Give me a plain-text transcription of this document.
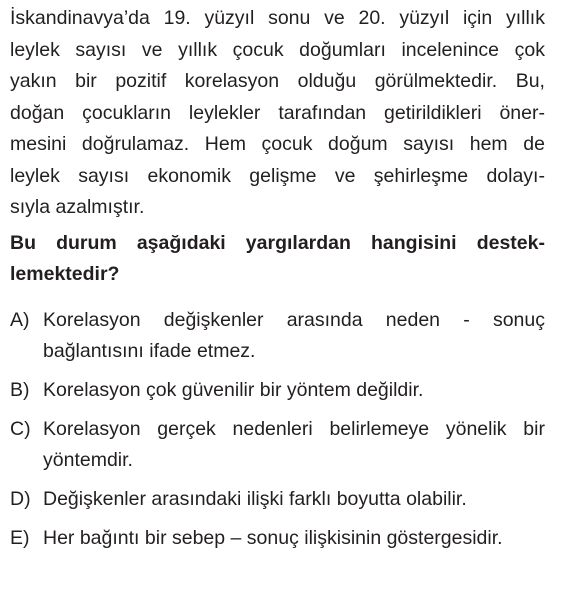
İskandinavya’da 19. yüzyıl sonu ve 20. yüzyıl için yıllık
leylek sayısı ve yıllık çocuk doğumları incelenince çok
yakın bir pozitif korelasyon olduğu görülmektedir. Bu,
doğan çocukların leylekler tarafından getirildikleri öner-
mesini doğrulamaz. Hem çocuk doğum sayısı hem de
leylek sayısı ekonomik gelişme ve şehirleşme dolayı-
sıyla azalmıştır.
Bu durum aşağıdaki yargılardan hangisini destek-
lemektedir?
A) Korelasyon değişkenler arasında neden - sonuç
bağlantısını ifade etmez.
B) Korelasyon çok güvenilir bir yöntem değildir.
C) Korelasyon gerçek nedenleri belirlemeye yönelik bir
yöntemdir.
D) Değişkenler arasındaki ilişki farklı boyutta olabilir.
E) Her bağıntı bir sebep – sonuç ilişkisinin göstergesidir.
